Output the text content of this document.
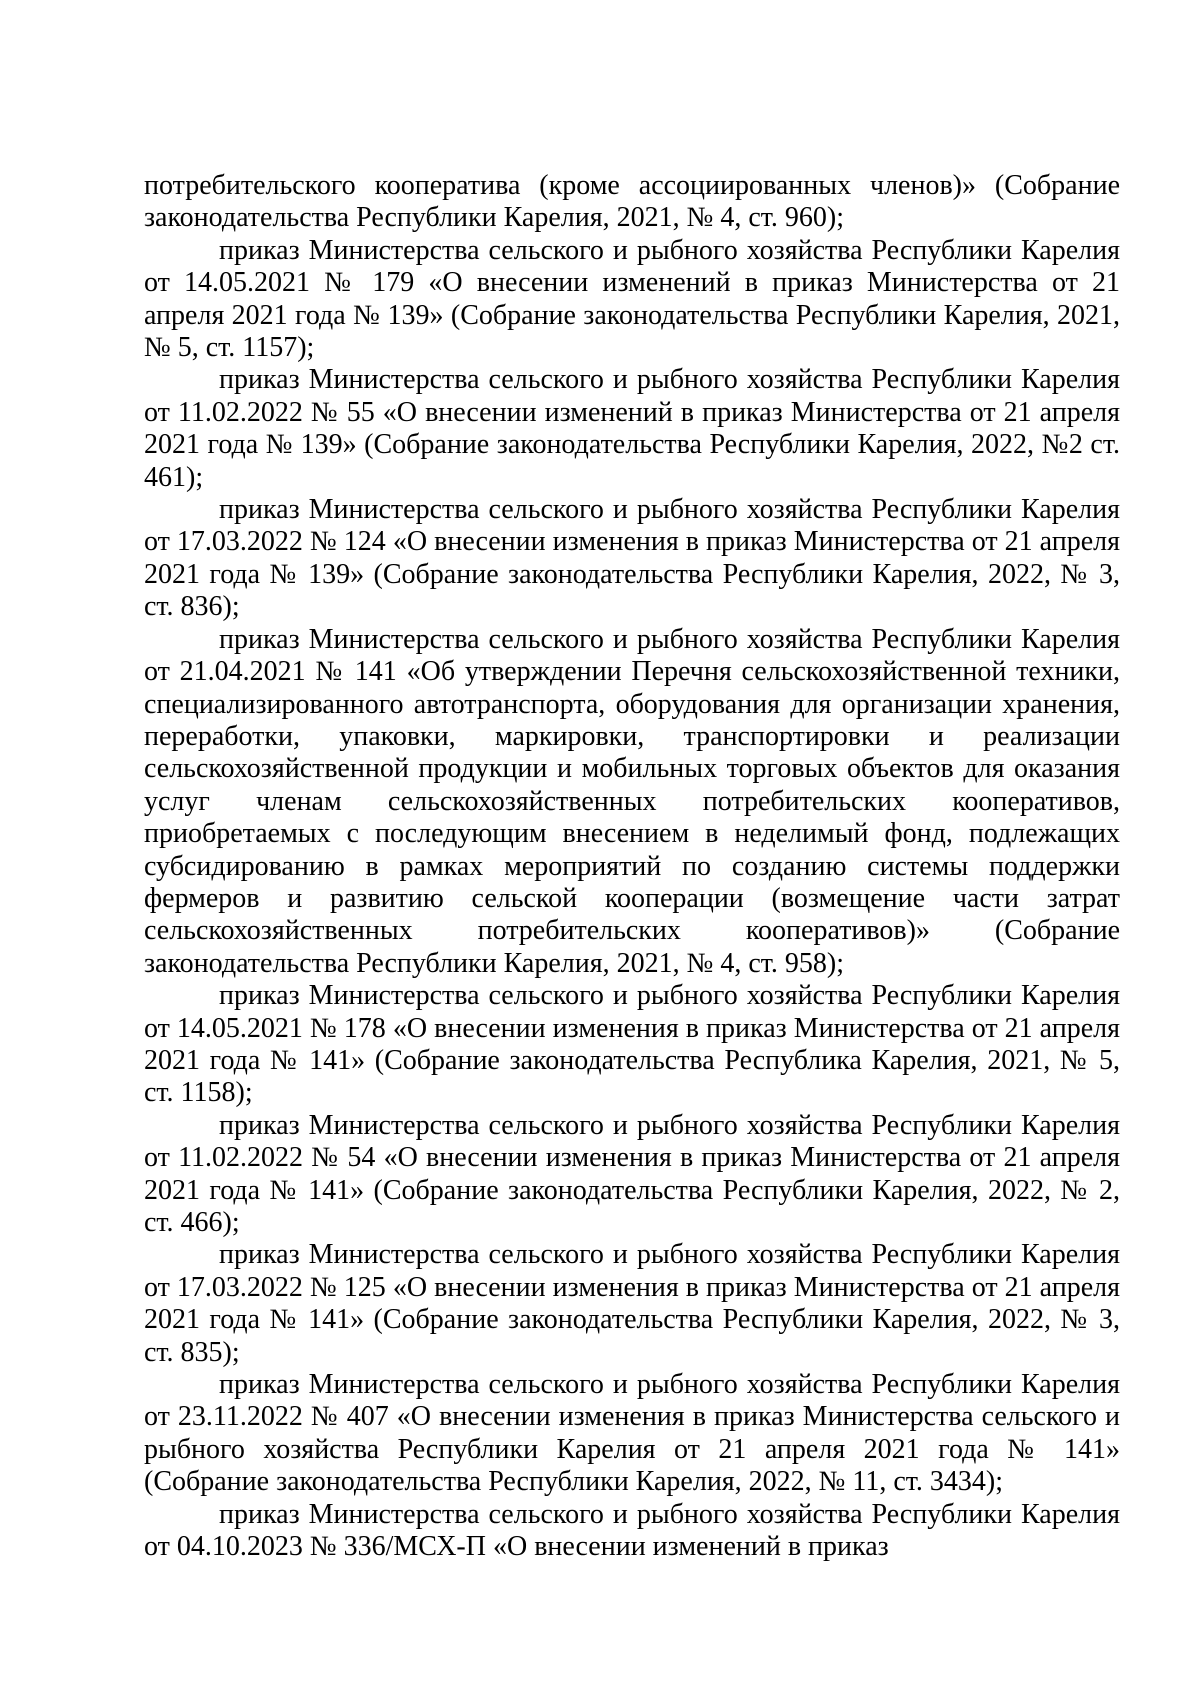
потребительского кооператива (кроме ассоциированных членов)» (Собрание законодательства Республики Карелия, 2021, № 4, ст. 960);

приказ Министерства сельского и рыбного хозяйства Республики Карелия от 14.05.2021 № 179 «О внесении изменений в приказ Министерства от 21 апреля 2021 года № 139» (Собрание законодательства Республики Карелия, 2021, № 5, ст. 1157);

приказ Министерства сельского и рыбного хозяйства Республики Карелия от 11.02.2022 № 55 «О внесении изменений в приказ Министерства от 21 апреля 2021 года № 139» (Собрание законодательства Республики Карелия, 2022, №2 ст. 461);

приказ Министерства сельского и рыбного хозяйства Республики Карелия от 17.03.2022 № 124 «О внесении изменения в приказ Министерства от 21 апреля 2021 года № 139» (Собрание законодательства Республики Карелия, 2022, № 3, ст. 836);

приказ Министерства сельского и рыбного хозяйства Республики Карелия от 21.04.2021 № 141 «Об утверждении Перечня сельскохозяйственной техники, специализированного автотранспорта, оборудования для организации хранения, переработки, упаковки, маркировки, транспортировки и реализации сельскохозяйственной продукции и мобильных торговых объектов для оказания услуг членам сельскохозяйственных потребительских кооперативов, приобретаемых с последующим внесением в неделимый фонд, подлежащих субсидированию в рамках мероприятий по созданию системы поддержки фермеров и развитию сельской кооперации (возмещение части затрат сельскохозяйственных потребительских кооперативов)» (Собрание законодательства Республики Карелия, 2021, № 4, ст. 958);

приказ Министерства сельского и рыбного хозяйства Республики Карелия от 14.05.2021 № 178 «О внесении изменения в приказ Министерства от 21 апреля 2021 года № 141» (Собрание законодательства Республика Карелия, 2021, № 5, ст. 1158);

приказ Министерства сельского и рыбного хозяйства Республики Карелия от 11.02.2022 № 54 «О внесении изменения в приказ Министерства от 21 апреля 2021 года № 141» (Собрание законодательства Республики Карелия, 2022, № 2, ст. 466);

приказ Министерства сельского и рыбного хозяйства Республики Карелия от 17.03.2022 № 125 «О внесении изменения в приказ Министерства от 21 апреля 2021 года № 141» (Собрание законодательства Республики Карелия, 2022, № 3, ст. 835);

приказ Министерства сельского и рыбного хозяйства Республики Карелия от 23.11.2022 № 407 «О внесении изменения в приказ Министерства сельского и рыбного хозяйства Республики Карелия от 21 апреля 2021 года № 141» (Собрание законодательства Республики Карелия, 2022, № 11, ст. 3434);

приказ Министерства сельского и рыбного хозяйства Республики Карелия от 04.10.2023 № 336/МСХ-П «О внесении изменений в приказ
